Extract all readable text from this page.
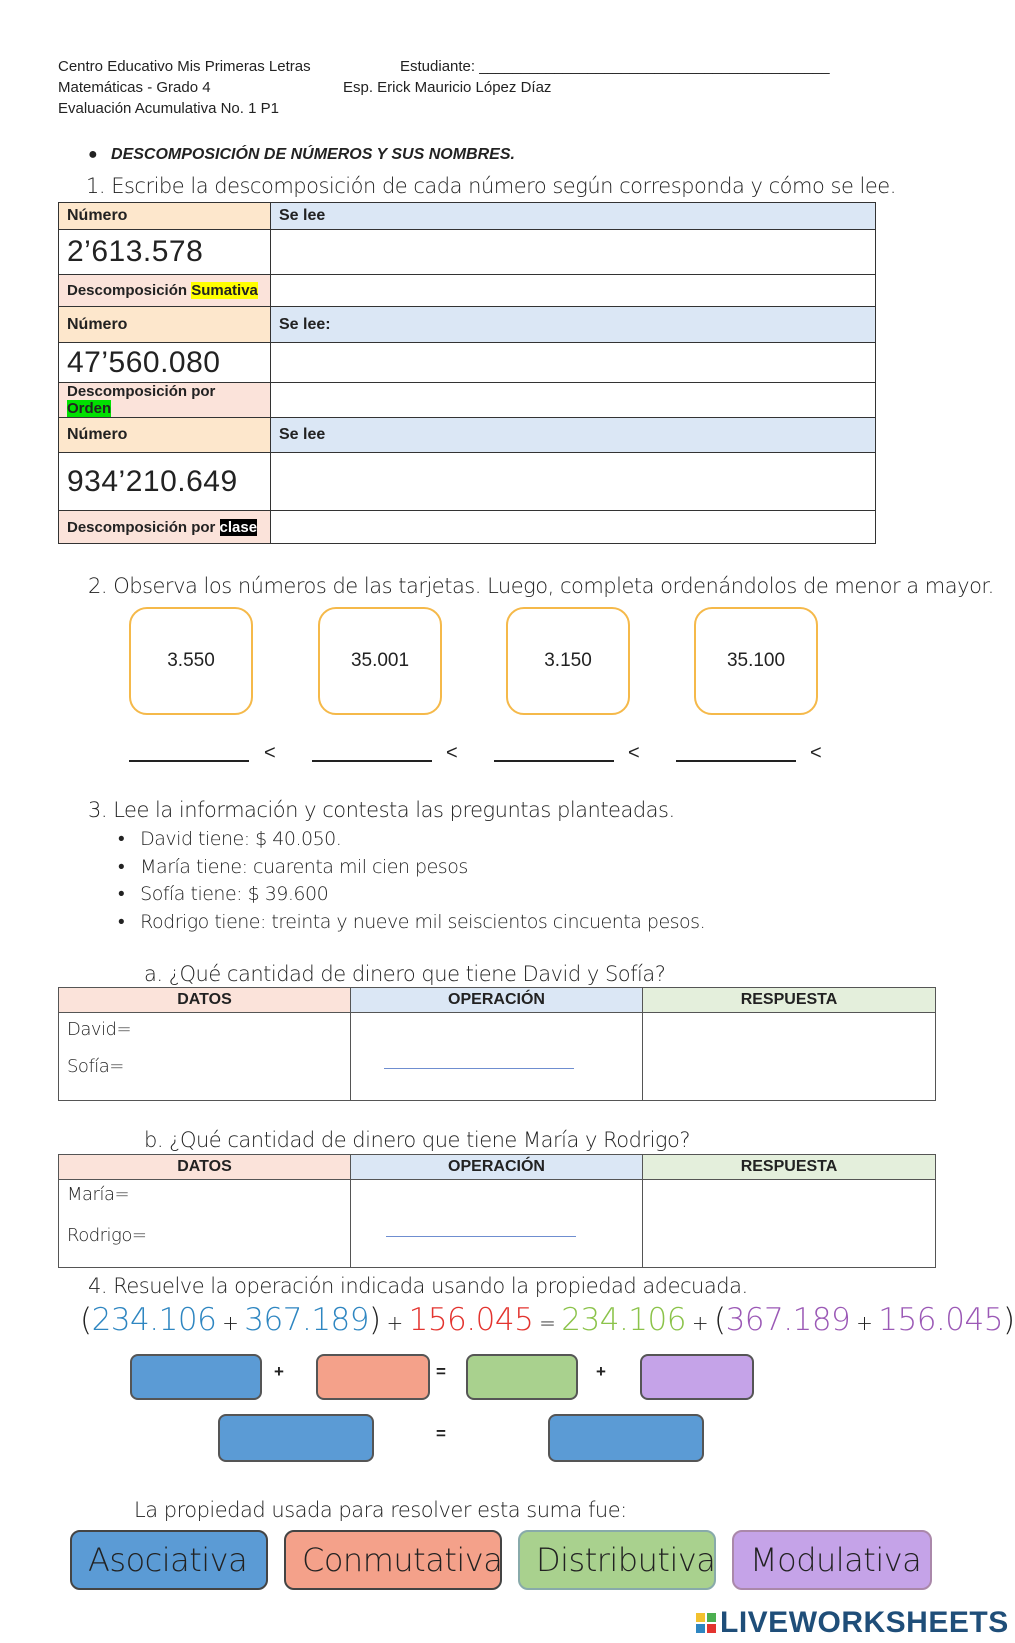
Centro Educativo Mis Primeras Letras
Matemáticas - Grado 4
Evaluación Acumulativa No. 1 P1
Estudiante: __________________________________________
Esp. Erick Mauricio López Díaz
● DESCOMPOSICIÓN DE NÚMEROS Y SUS NOMBRES.
1. Escribe la descomposición de cada número según corresponda y cómo se lee.
Número	Se lee
2’613.578	
Descomposición Sumativa	
Número	Se lee:
47’560.080	
Descomposición por Orden	
Número	Se lee
934’210.649	
Descomposición por clase	
2. Observa los números de las tarjetas. Luego, completa ordenándolos de menor a mayor.
3.550	35.001	3.150	35.100
<	<	<	<
3. Lee la información y contesta las preguntas planteadas.
• David tiene: $ 40.050.
• María tiene: cuarenta mil cien pesos
• Sofía tiene: $ 39.600
• Rodrigo tiene: treinta y nueve mil seiscientos cincuenta pesos.
a. ¿Qué cantidad de dinero que tiene David y Sofía?
DATOS	OPERACIÓN	RESPUESTA

David=
Sofía=		

b. ¿Qué cantidad de dinero que tiene María y Rodrigo?
DATOS	OPERACIÓN	RESPUESTA

María=
Rodrigo=		

4. Resuelve la operación indicada usando la propiedad adecuada.
(234.106 + 367.189) + 156.045 = 234.106 + (367.189 + 156.045)
+	=	+
=
La propiedad usada para resolver esta suma fue:
Asociativa	Conmutativa	Distributiva	Modulativa
LIVEWORKSHEETS
